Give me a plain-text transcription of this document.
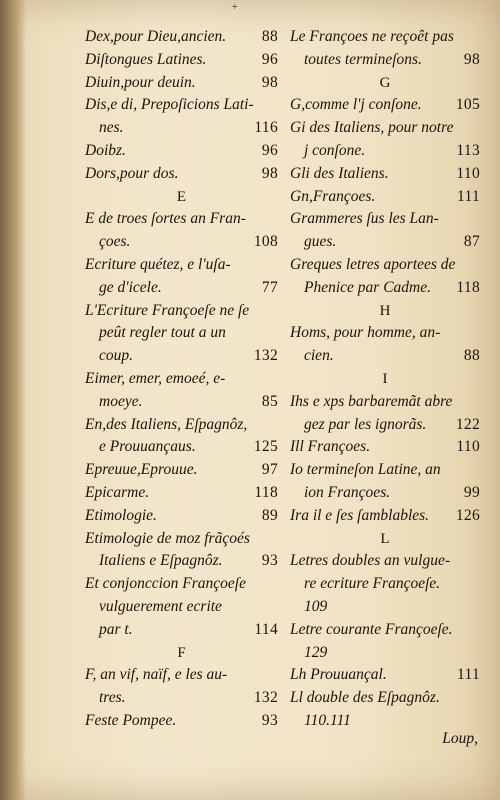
+
Dex,pour Dieu,ancien. 88
Diſtongues Latines.	96
Diuin,pour deuin.	98
Dis,e di, Prepoſicions Lati-
nes.	116
Doibz.	96
Dors,pour dos.	98
E
E de troes ſortes an Fran-
çoes.	108
Ecriture quétez, e l'uſa-
ge d'icele.	77
L'Ecriture Françoeſe ne ſe
peût regler tout a un
coup.	132
Eimer, emer, emoeé, e-
moeye.	85
En,des Italiens, Eſpagnôz,
e Prouuançaus.	125
Epreuue,Eprouue.	97
Epicarme.	118
Etimologie.	89
Etimologie de moz frãçoés
Italiens e Eſpagnôz.	93
Et conjonccion Françoeſe
vulguerement ecrite
par t.	114
F
F, an vif, naïf, e les au-
tres.	132
Feste Pompee.	93
Le Françoes ne reçoêt pas
toutes termineſons.	98
G
G,comme l'j conſone. 105
Gi des Italiens, pour notre
j conſone.	113
Gli des Italiens.	110
Gn,Françoes.	111
Grammeres ſus les Lan-
gues.	87
Greques letres aportees de
Phenice par Cadme. 118
H
Homs, pour homme, an-
cien.	88
I
Ihs e xps barbaremãt abre
gez par les ignorãs. 122
Ill Françoes.	110
Io termineſon Latine, an
ion Françoes.	99
Ira il e ſes ſamblables. 126
L
Letres doubles an vulgue-
re ecriture Françoeſe.
109
Letre courante Françoeſe.
129
Lh Prouuançal.	111
Ll double des Eſpagnôz.
110.111
Loup,
